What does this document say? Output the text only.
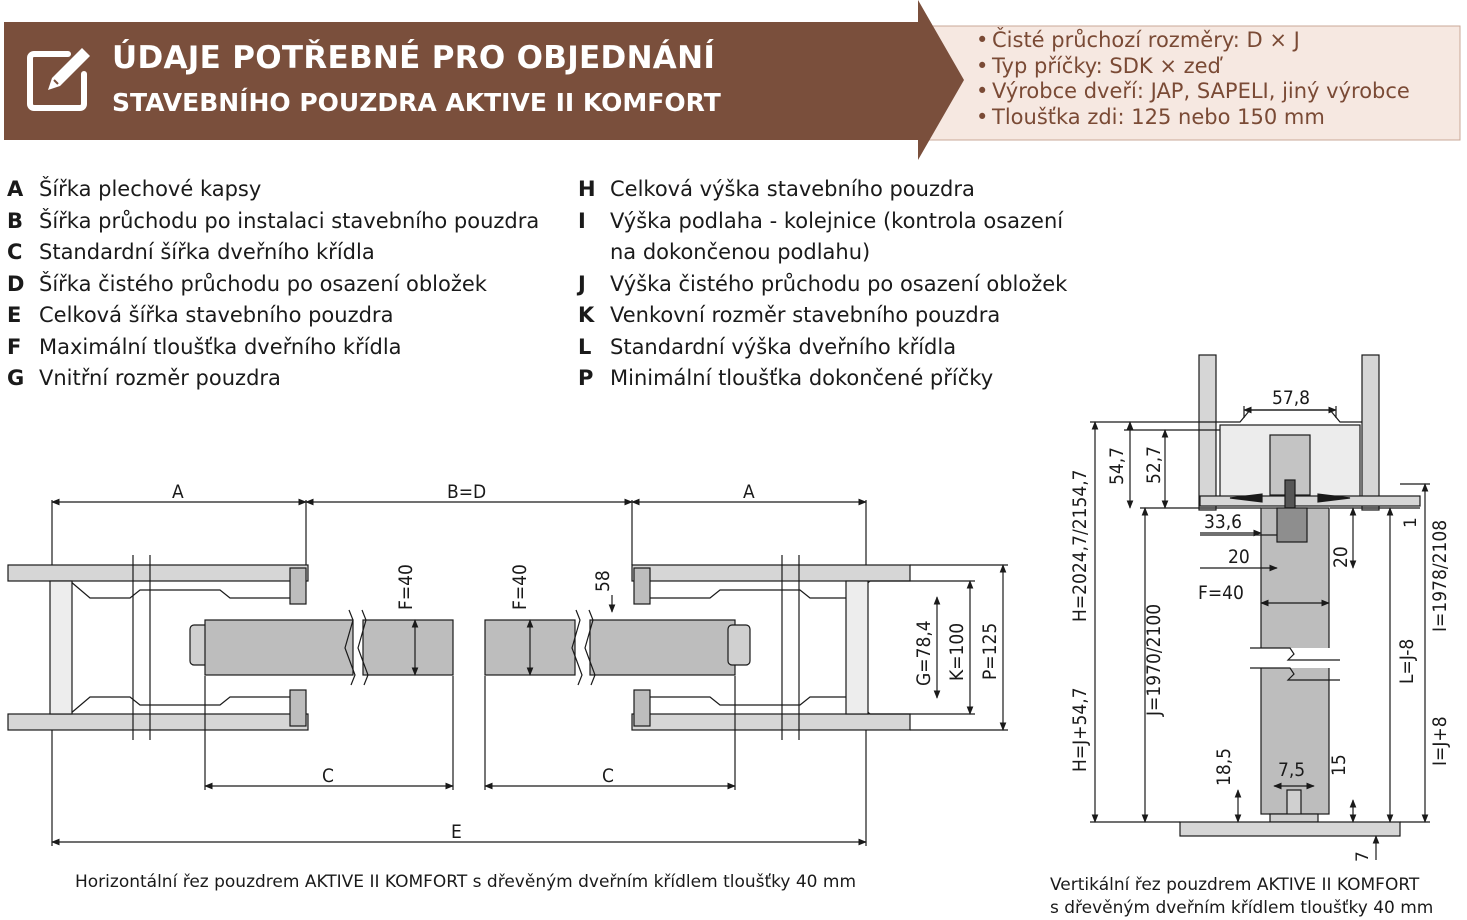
ÚDAJE POTŘEBNÉ PRO OBJEDNÁNÍ
STAVEBNÍHO POUZDRA AKTIVE II KOMFORT
• Čisté průchozí rozměry: D × J
• Typ příčky: SDK × zeď
• Výrobce dveří: JAP, SAPELI, jiný výrobce
• Tloušťka zdi: 125 nebo 150 mm
A Šířka plechové kapsy
B Šířka průchodu po instalaci stavebního pouzdra
C Standardní šířka dveřního křídla
D Šířka čistého průchodu po osazení obložek
E Celková šířka stavebního pouzdra
F Maximální tloušťka dveřního křídla
G Vnitřní rozměr pouzdra
H Celková výška stavebního pouzdra
I Výška podlaha - kolejnice (kontrola osazení
na dokončenou podlahu)
J Výška čistého průchodu po osazení obložek
K Venkovní rozměr stavebního pouzdra
L Standardní výška dveřního křídla
P Minimální tloušťka dokončené příčky
A	B=D	A
F=40	F=40	58
G=78,4 K=100 P=125
C	C
E
57,8
54,7 52,7
H=2024,7/2154,7	33,6	1
20	20
F=40	I=1978/2108
J=1970/2100	L=J-8
H=J+54,7	I=J+8
18,5 7,5 15
7
Horizontální řez pouzdrem AKTIVE II KOMFORT s dřevěným dveřním křídlem tloušťky 40 mm	Vertikální řez pouzdrem AKTIVE II KOMFORT
s dřevěným dveřním křídlem tloušťky 40 mm
